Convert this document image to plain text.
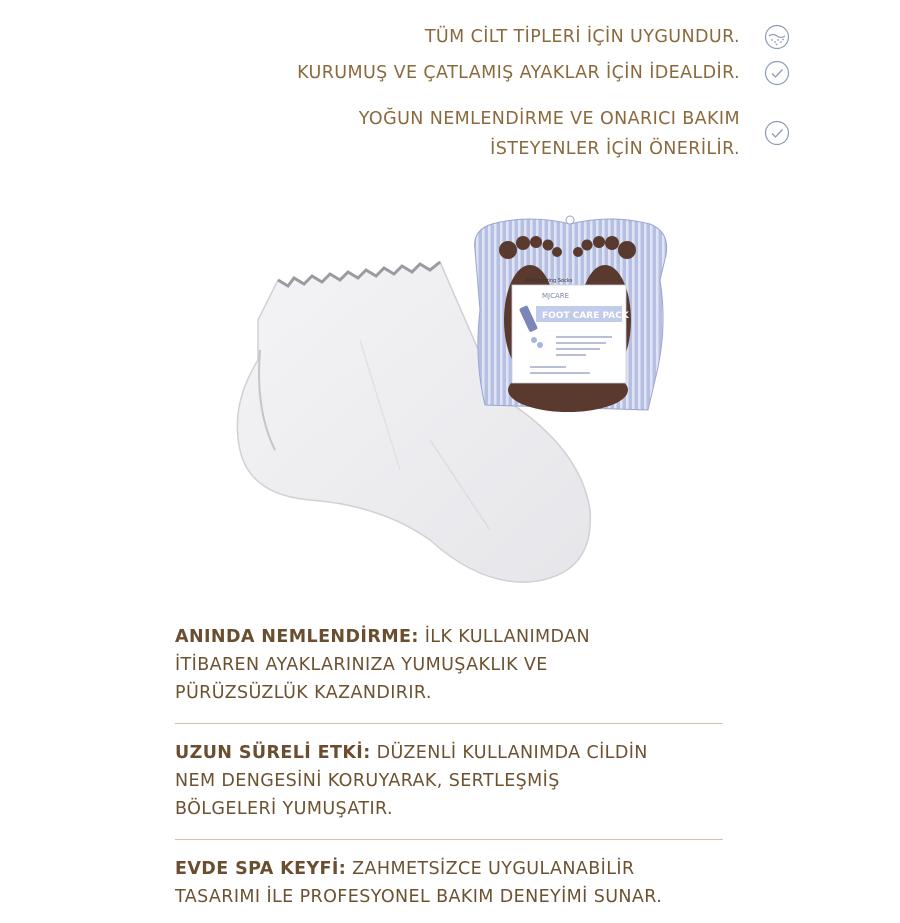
TÜM CİLT TİPLERİ İÇİN UYGUNDUR.
KURUMUŞ VE ÇATLAMIŞ AYAKLAR İÇİN İDEALDİR.
YOĞUN NEMLENDİRME VE ONARICI BAKIM
İSTEYENLER İÇİN ÖNERİLİR.
Moisturizing Socks
MJCARE
FOOT CARE PACK
ANINDA NEMLENDİRME: İLK KULLANIMDAN
İTİBAREN AYAKLARINIZA YUMUŞAKLIK VE
PÜRÜZSÜZLÜK KAZANDIRIR.
UZUN SÜRELİ ETKİ: DÜZENLİ KULLANIMDA CİLDİN
NEM DENGESİNİ KORUYARAK, SERTLEŞMİŞ
BÖLGELERİ YUMUŞATIR.
EVDE SPA KEYFİ: ZAHMETSİZCE UYGULANABİLİR
TASARIMI İLE PROFESYONEL BAKIM DENEYİMİ SUNAR.
